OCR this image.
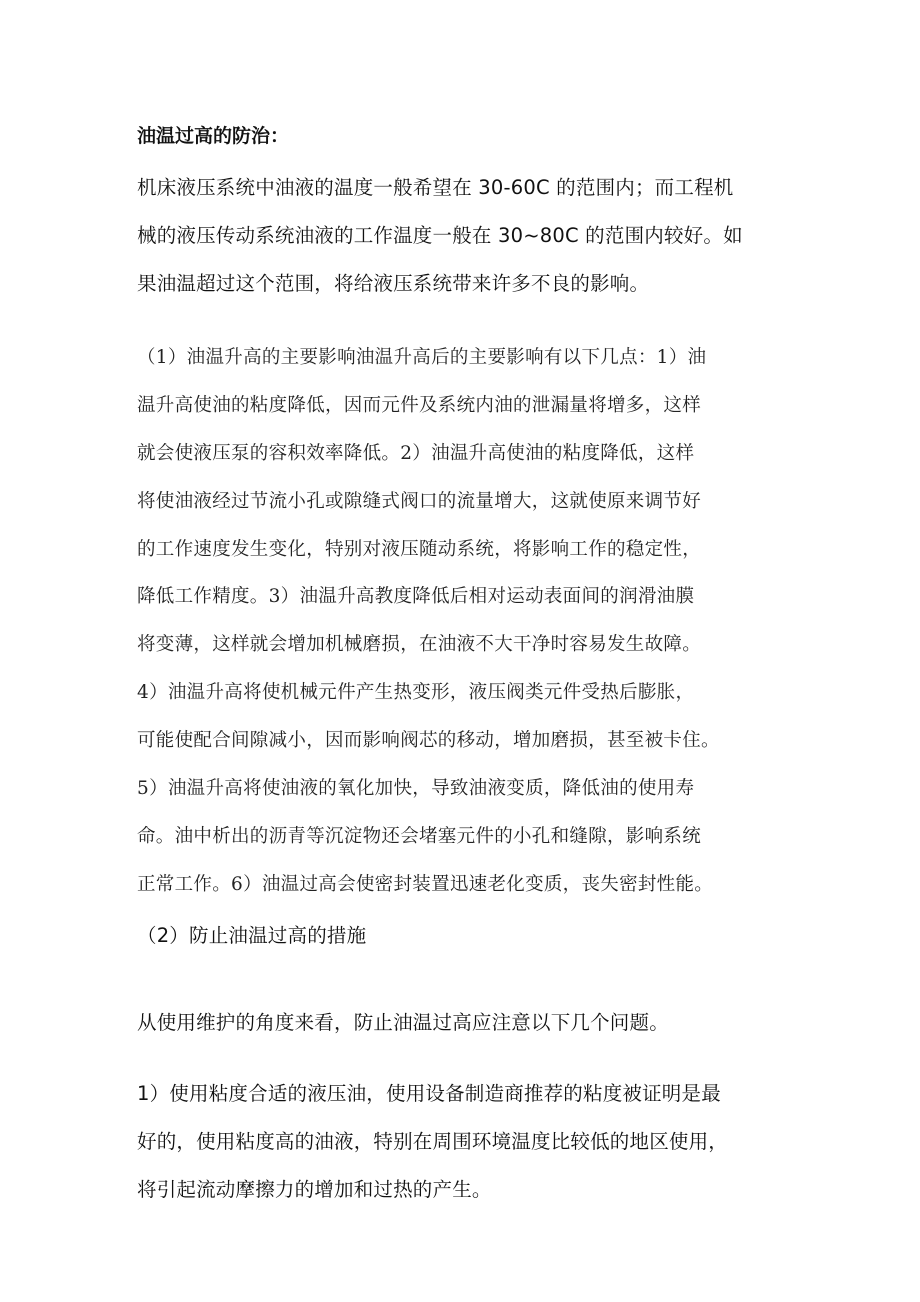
油温过高的防治：
机床液压系统中油液的温度一般希望在 30-60C 的范围内；而工程机
械的液压传动系统油液的工作温度一般在 30~80C 的范围内较好。如
果油温超过这个范围，将给液压系统带来许多不良的影响。
（1）油温升高的主要影响油温升高后的主要影响有以下几点：1）油
温升高使油的粘度降低，因而元件及系统内油的泄漏量将增多，这样
就会使液压泵的容积效率降低。2）油温升高使油的粘度降低，这样
将使油液经过节流小孔或隙缝式阀口的流量增大，这就使原来调节好
的工作速度发生变化，特别对液压随动系统，将影响工作的稳定性，
降低工作精度。3）油温升高教度降低后相对运动表面间的润滑油膜
将变薄，这样就会增加机械磨损，在油液不大干净时容易发生故障。
4）油温升高将使机械元件产生热变形，液压阀类元件受热后膨胀，
可能使配合间隙减小，因而影响阀芯的移动，增加磨损，甚至被卡住。
5）油温升高将使油液的氧化加快，导致油液变质，降低油的使用寿
命。油中析出的沥青等沉淀物还会堵塞元件的小孔和缝隙，影响系统
正常工作。6）油温过高会使密封装置迅速老化变质，丧失密封性能。
（2）防止油温过高的措施
从使用维护的角度来看，防止油温过高应注意以下几个问题。
1）使用粘度合适的液压油，使用设备制造商推荐的粘度被证明是最
好的，使用粘度高的油液，特别在周围环境温度比较低的地区使用，
将引起流动摩擦力的增加和过热的产生。
